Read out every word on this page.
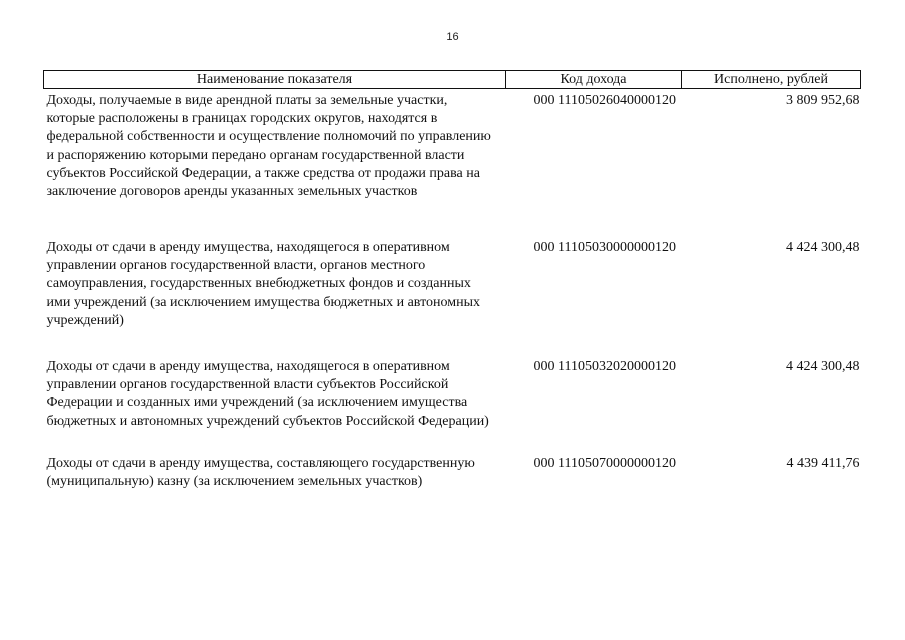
16
Наименование показателя	Код дохода	Исполнено, рублей
Доходы, получаемые в виде арендной платы за земельные участки, которые расположены в границах городских округов, находятся в федеральной собственности и осуществление полномочий по управлению и распоряжению которыми передано органам государственной власти субъектов Российской Федерации, а также средства от продажи права на заключение договоров аренды указанных земельных участков	000 11105026040000120	3 809 952,68
Доходы от сдачи в аренду имущества, находящегося в оперативном управлении органов государственной власти, органов местного самоуправления, государственных внебюджетных фондов и созданных ими учреждений (за исключением имущества бюджетных и автономных учреждений)	000 11105030000000120	4 424 300,48
Доходы от сдачи в аренду имущества, находящегося в оперативном управлении органов государственной власти субъектов Российской Федерации и созданных ими учреждений (за исключением имущества бюджетных и автономных учреждений субъектов Российской Федерации)	000 11105032020000120	4 424 300,48
Доходы от сдачи в аренду имущества, составляющего государственную (муниципальную) казну (за исключением земельных участков)	000 11105070000000120	4 439 411,76
